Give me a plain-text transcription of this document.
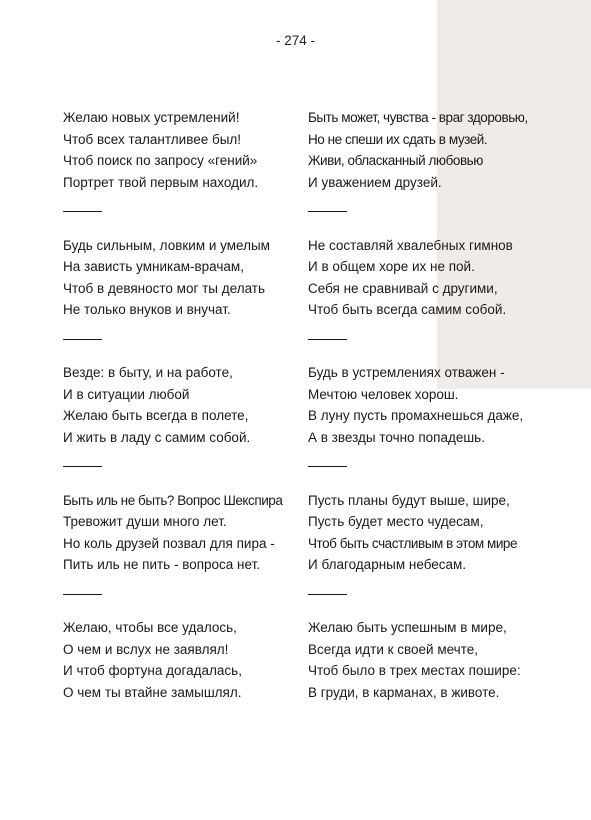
- 274 -
Желаю новых устремлений!
Чтоб всех талантливее был!
Чтоб поиск по запросу «гений»
Портрет твой первым находил.
Будь сильным, ловким и умелым
На зависть умникам-врачам,
Чтоб в девяносто мог ты делать
Не только внуков и внучат.
Везде: в быту, и на работе,
И в ситуации любой
Желаю быть всегда в полете,
И жить в ладу с самим собой.
Быть иль не быть? Вопрос Шекспира
Тревожит души много лет.
Но коль друзей позвал для пира -
Пить иль не пить - вопроса нет.
Желаю, чтобы все удалось,
О чем и вслух не заявлял!
И чтоб фортуна догадалась,
О чем ты втайне замышлял.
Быть может, чувства - враг здоровью,
Но не спеши их сдать в музей.
Живи, обласканный любовью
И уважением друзей.
Не составляй хвалебных гимнов
И в общем хоре их не пой.
Себя не сравнивай с другими,
Чтоб быть всегда самим собой.
Будь в устремлениях отважен -
Мечтою человек хорош.
В луну пусть промахнешься даже,
А в звезды точно попадешь.
Пусть планы будут выше, шире,
Пусть будет место чудесам,
Чтоб быть счастливым в этом мире
И благодарным небесам.
Желаю быть успешным в мире,
Всегда идти к своей мечте,
Чтоб было в трех местах пошире:
В груди, в карманах, в животе.
